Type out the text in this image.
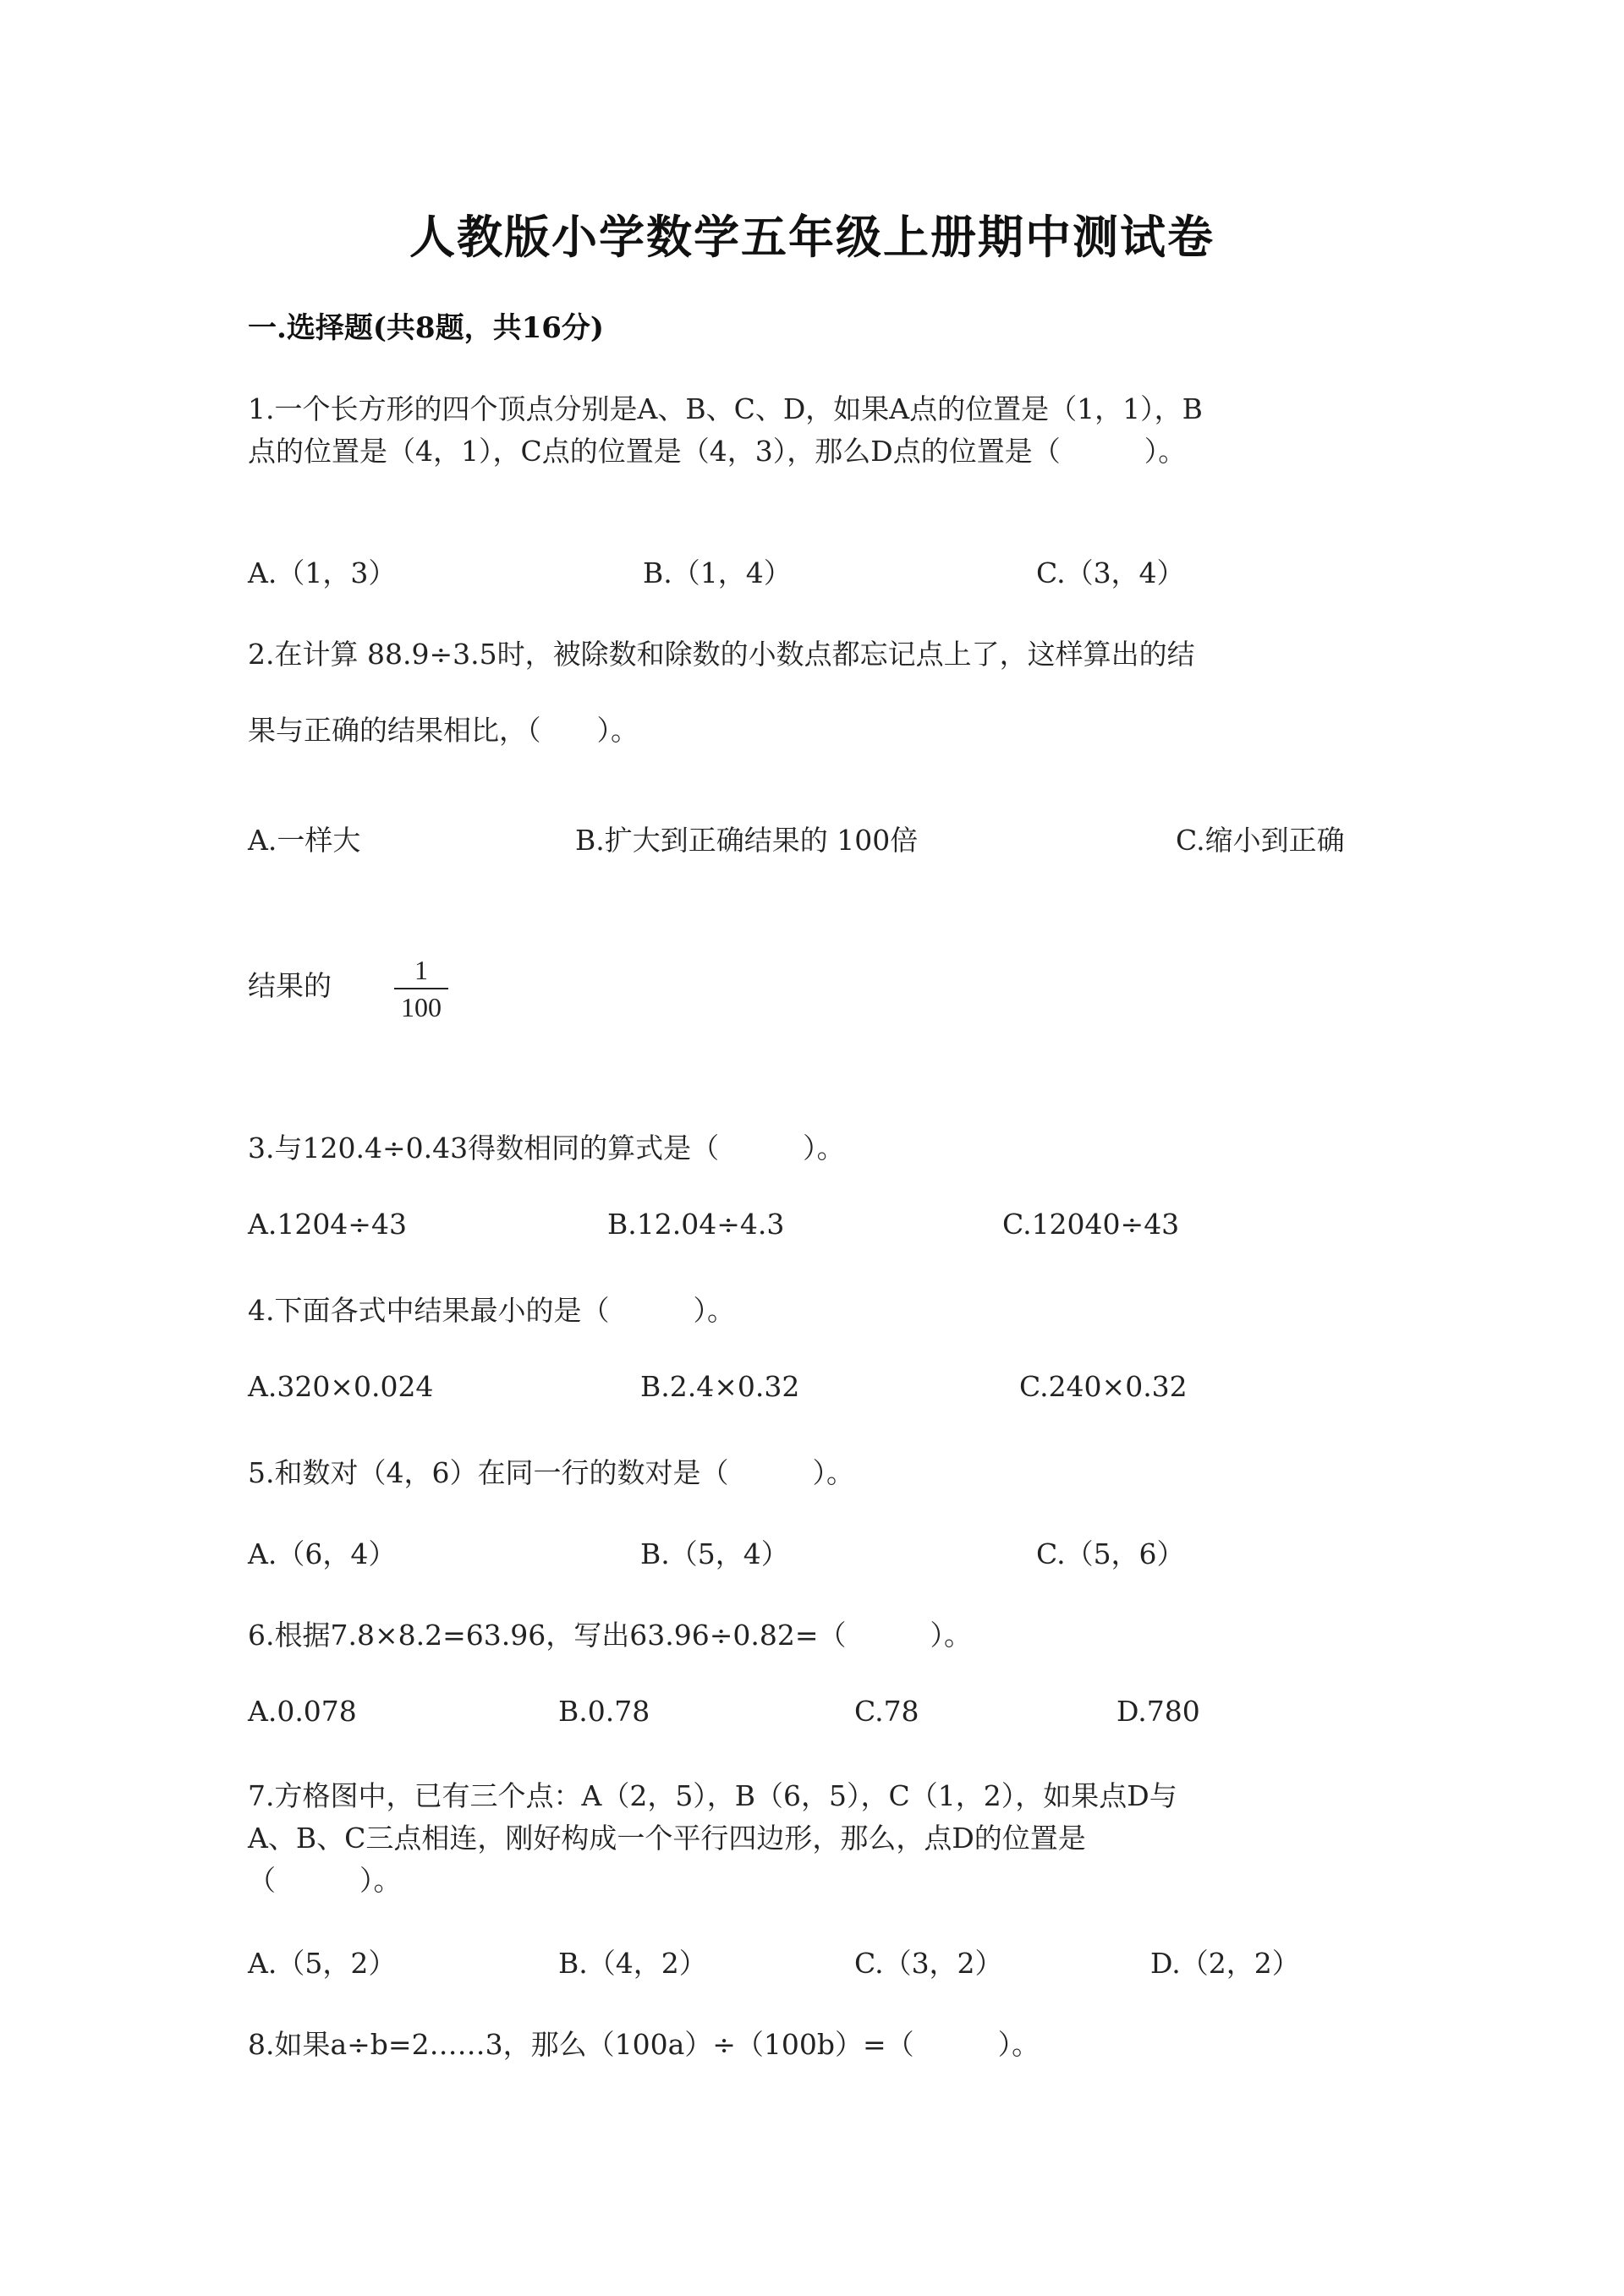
人教版小学数学五年级上册期中测试卷
一.选择题(共8题，共16分)
1.一个长方形的四个顶点分别是A、B、C、D，如果A点的位置是（1，1），B
点的位置是（4，1），C点的位置是（4，3），那么D点的位置是（　　　）。
A.（1，3）	B.（1，4）	C.（3，4）
2.在计算 88.9÷3.5时，被除数和除数的小数点都忘记点上了，这样算出的结
果与正确的结果相比，（　　）。
A.一样大	B.扩大到正确结果的 100倍	C.缩小到正确
结果的	1
100
3.与120.4÷0.43得数相同的算式是（　　　）。
A.1204÷43	B.12.04÷4.3	C.12040÷43
4.下面各式中结果最小的是（　　　）。
A.320×0.024	B.2.4×0.32	C.240×0.32
5.和数对（4，6）在同一行的数对是（　　　）。
A.（6，4）	B.（5，4）	C.（5，6）
6.根据7.8×8.2=63.96，写出63.96÷0.82=（　　　）。
A.0.078	B.0.78	C.78	D.780
7.方格图中，已有三个点：A（2，5），B（6，5），C（1，2），如果点D与
A、B、C三点相连，刚好构成一个平行四边形，那么，点D的位置是
（　　　）。
A.（5，2）	B.（4，2）	C.（3，2）	D.（2，2）
8.如果a÷b=2……3，那么（100a）÷（100b）=（　　　）。
